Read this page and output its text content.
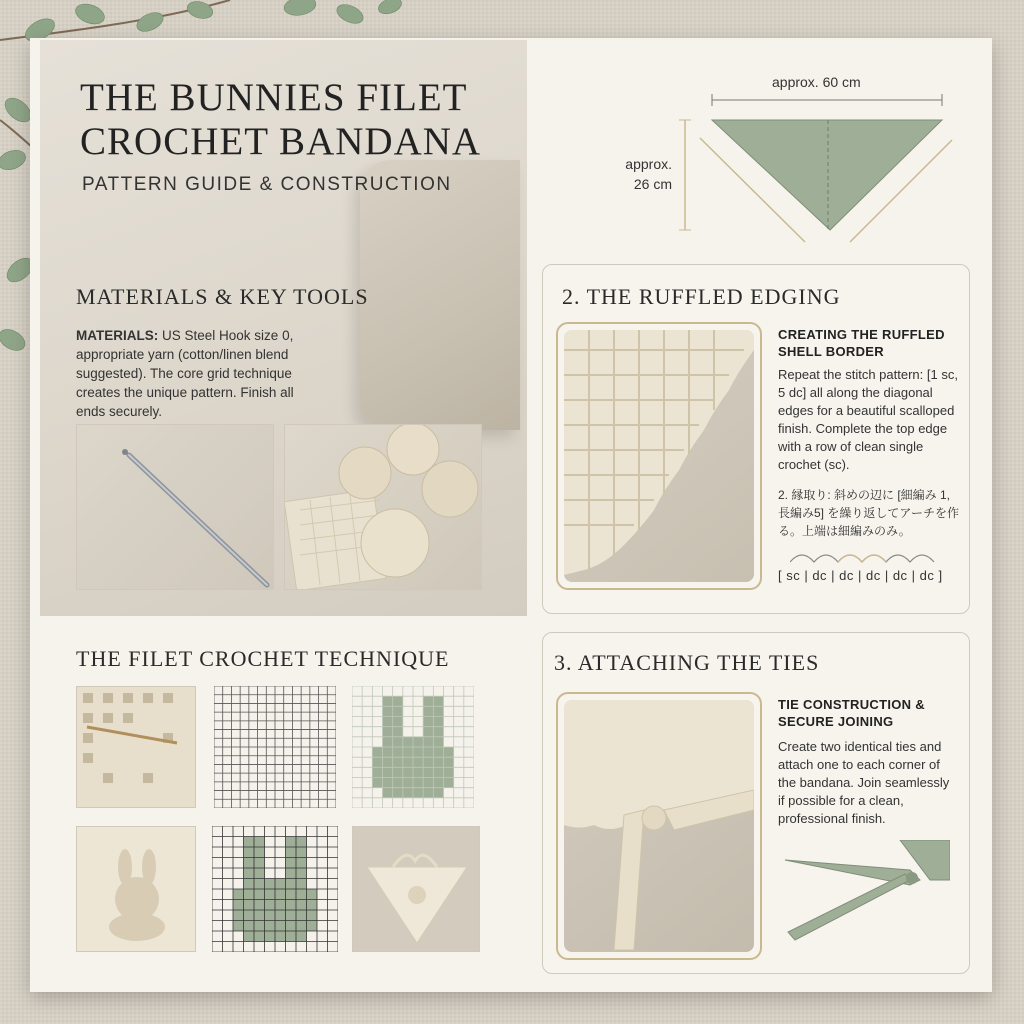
THE BUNNIES FILET CROCHET BANDANA
PATTERN GUIDE & CONSTRUCTION
MATERIALS & KEY TOOLS
MATERIALS: US Steel Hook size 0, appropriate yarn (cotton/linen blend suggested). The core grid technique creates the unique pattern. Finish all ends securely.
approx. 60 cm
approx.
26 cm
2. THE RUFFLED EDGING
CREATING THE RUFFLED SHELL BORDER
Repeat the stitch pattern: [1 sc, 5 dc] all along the diagonal edges for a beautiful scalloped finish. Complete the top edge with a row of clean single crochet (sc).
2. 縁取り: 斜めの辺に [細編み 1, 長編み5] を繰り返してアーチを作る。上端は細編みのみ。
[ sc | dc | dc | dc | dc | dc ]
THE FILET CROCHET TECHNIQUE	3. ATTACHING THE TIES
TIE CONSTRUCTION & SECURE JOINING
Create two identical ties and attach one to each corner of the bandana. Join seamlessly if possible for a clean, professional finish.
